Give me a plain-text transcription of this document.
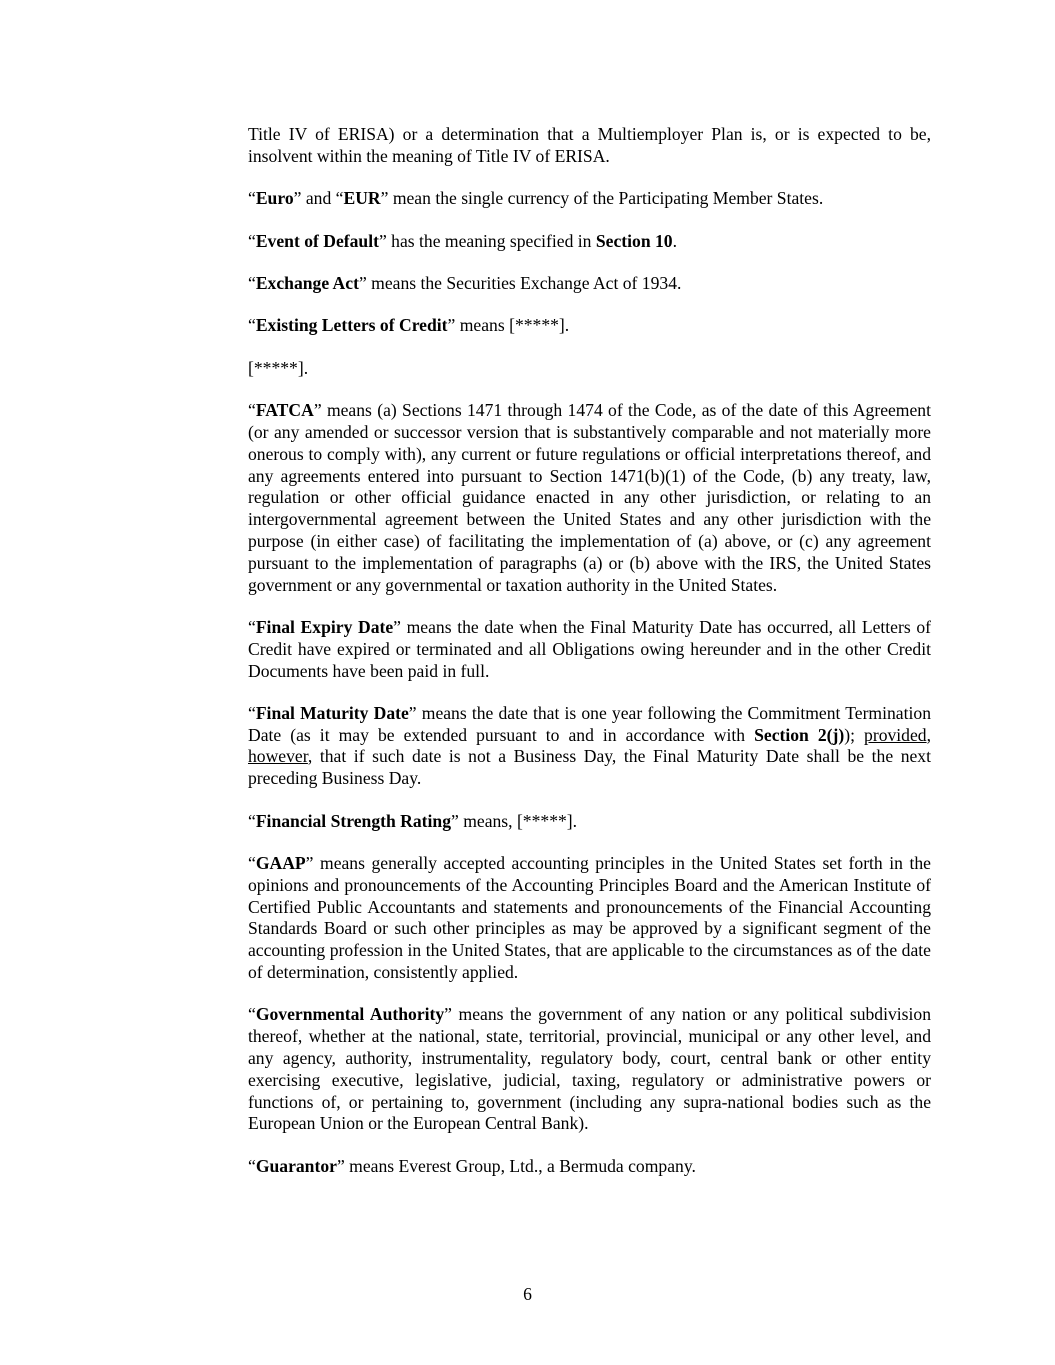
Title IV of ERISA) or a determination that a Multiemployer Plan is, or is expected to be, insolvent within the meaning of Title IV of ERISA.

“Euro” and “EUR” mean the single currency of the Participating Member States.

“Event of Default” has the meaning specified in Section 10.

“Exchange Act” means the Securities Exchange Act of 1934.

“Existing Letters of Credit” means [*****].

[*****].

“FATCA” means (a) Sections 1471 through 1474 of the Code, as of the date of this Agreement (or any amended or successor version that is substantively comparable and not materially more onerous to comply with), any current or future regulations or official interpretations thereof, and any agreements entered into pursuant to Section 1471(b)(1) of the Code, (b) any treaty, law, regulation or other official guidance enacted in any other jurisdiction, or relating to an intergovernmental agreement between the United States and any other jurisdiction with the purpose (in either case) of facilitating the implementation of (a) above, or (c) any agreement pursuant to the implementation of paragraphs (a) or (b) above with the IRS, the United States government or any governmental or taxation authority in the United States.

“Final Expiry Date” means the date when the Final Maturity Date has occurred, all Letters of Credit have expired or terminated and all Obligations owing hereunder and in the other Credit Documents have been paid in full.

“Final Maturity Date” means the date that is one year following the Commitment Termination Date (as it may be extended pursuant to and in accordance with Section 2(j)); provided, however, that if such date is not a Business Day, the Final Maturity Date shall be the next preceding Business Day.

“Financial Strength Rating” means, [*****].

“GAAP” means generally accepted accounting principles in the United States set forth in the opinions and pronouncements of the Accounting Principles Board and the American Institute of Certified Public Accountants and statements and pronouncements of the Financial Accounting Standards Board or such other principles as may be approved by a significant segment of the accounting profession in the United States, that are applicable to the circumstances as of the date of determination, consistently applied.

“Governmental Authority” means the government of any nation or any political subdivision thereof, whether at the national, state, territorial, provincial, municipal or any other level, and any agency, authority, instrumentality, regulatory body, court, central bank or other entity exercising executive, legislative, judicial, taxing, regulatory or administrative powers or functions of, or pertaining to, government (including any supra-national bodies such as the European Union or the European Central Bank).

“Guarantor” means Everest Group, Ltd., a Bermuda company.

6
